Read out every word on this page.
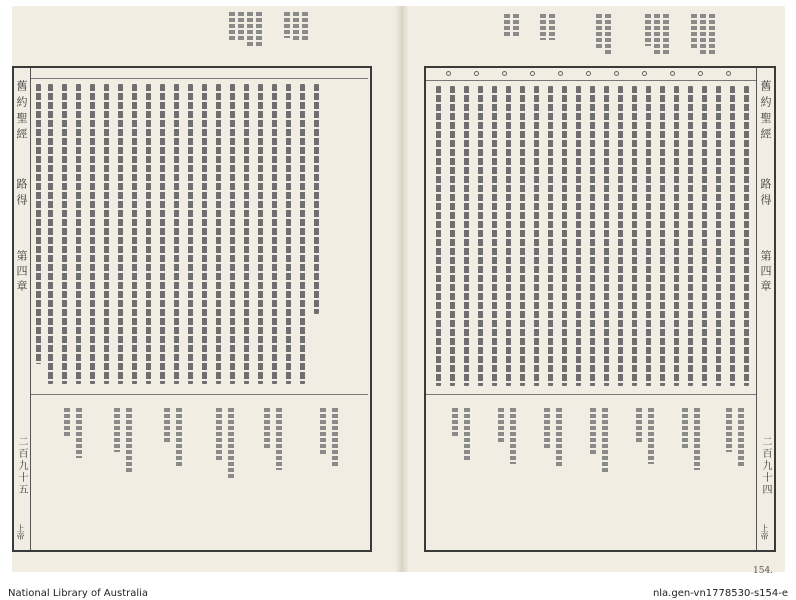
舊約聖經
路得
第四章
二百九十五
上帝
舊約聖經
路得
第四章
二百九十四
上帝
154.
National Library of Australia	nla.gen-vn1778530-s154-e
